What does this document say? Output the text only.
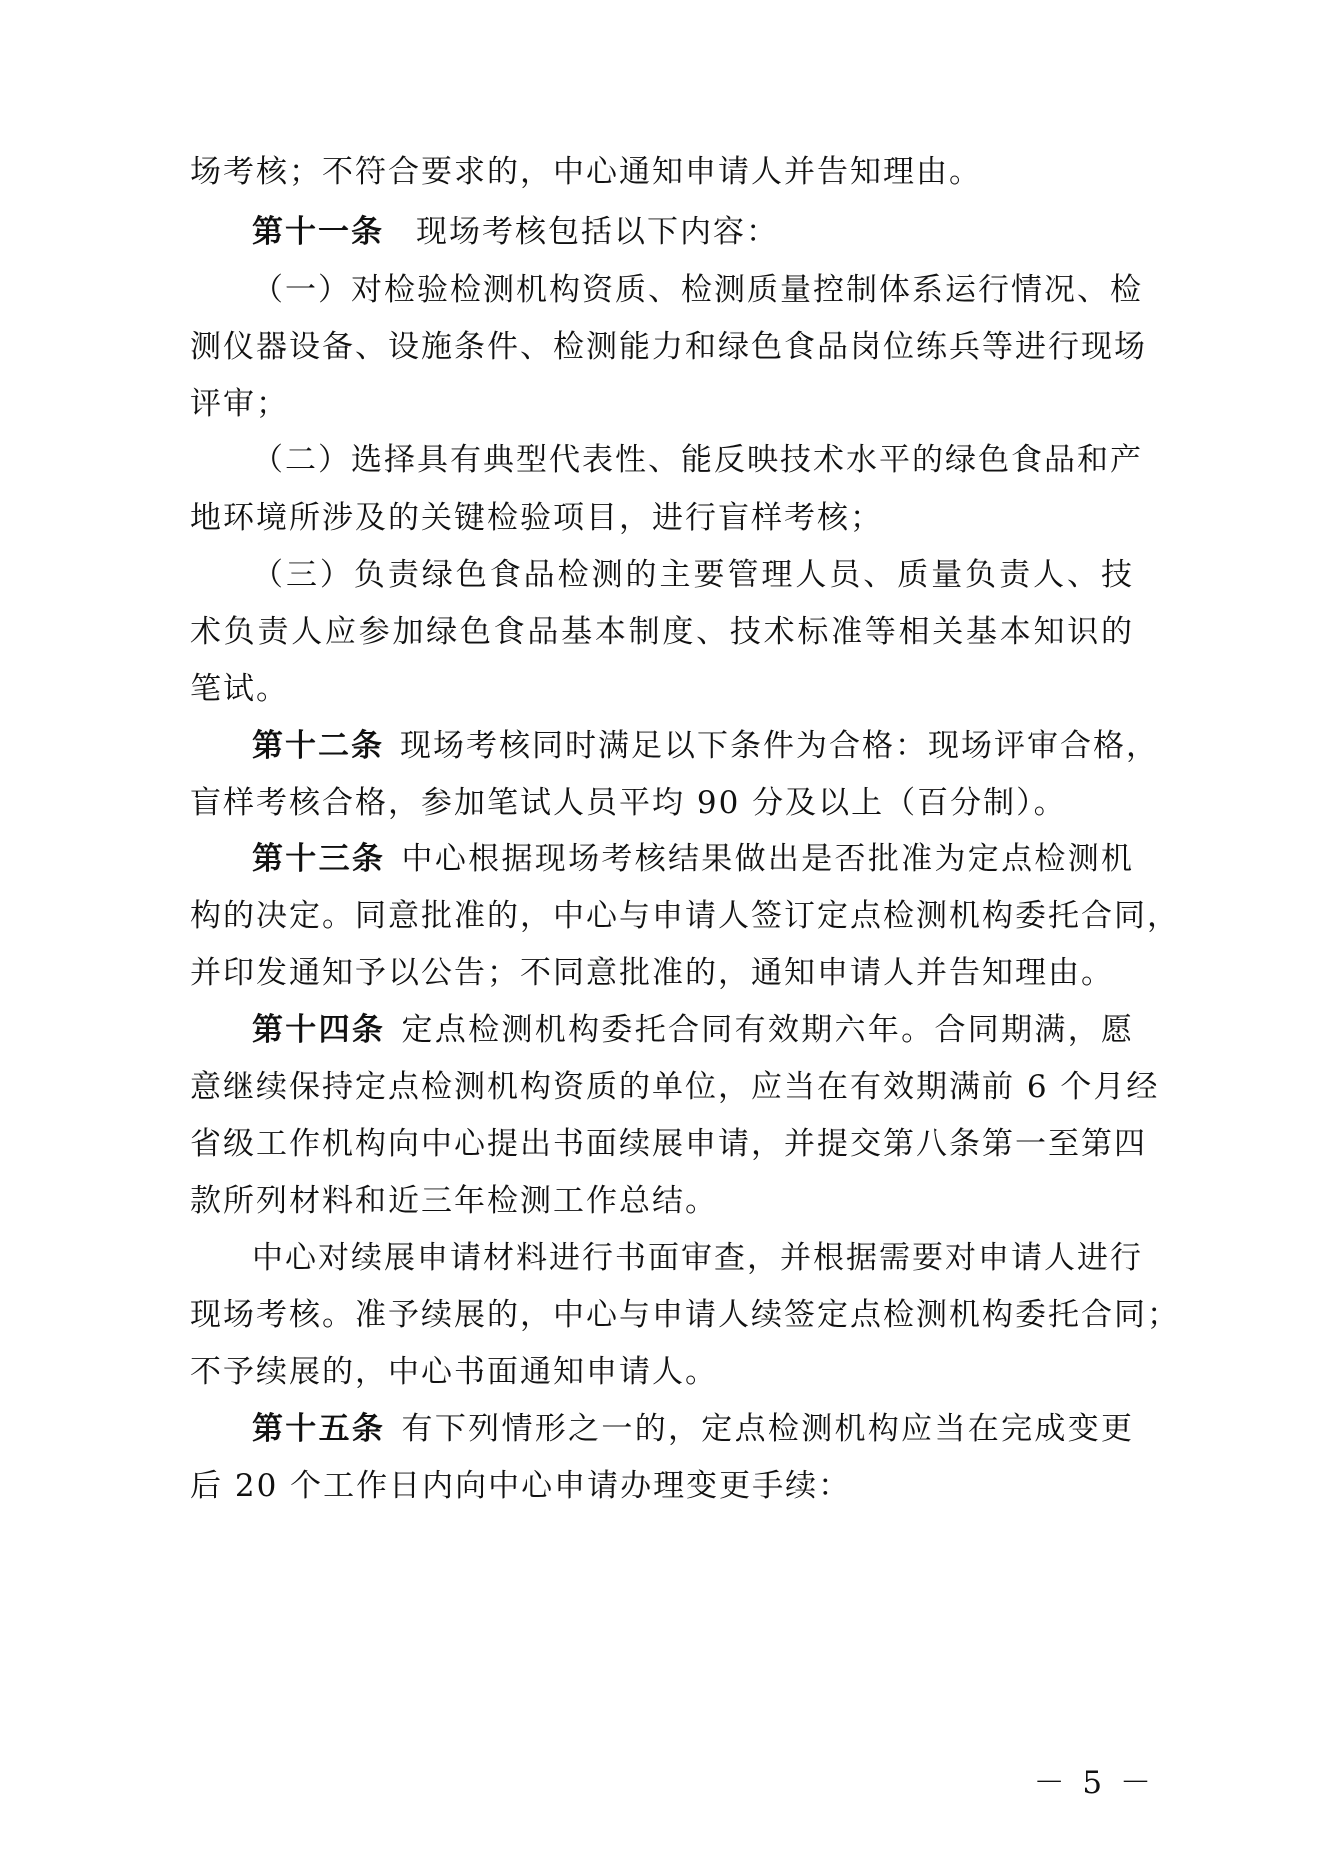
场考核；不符合要求的，中心通知申请人并告知理由。
第十一条 现场考核包括以下内容：
（一）对检验检测机构资质、检测质量控制体系运行情况、检
测仪器设备、设施条件、检测能力和绿色食品岗位练兵等进行现场
评审；
（二）选择具有典型代表性、能反映技术水平的绿色食品和产
地环境所涉及的关键检验项目，进行盲样考核；
（三）负责绿色食品检测的主要管理人员、质量负责人、技
术负责人应参加绿色食品基本制度、技术标准等相关基本知识的
笔试。
第十二条 现场考核同时满足以下条件为合格：现场评审合格，
盲样考核合格，参加笔试人员平均 90 分及以上（百分制）。
第十三条 中心根据现场考核结果做出是否批准为定点检测机
构的决定。同意批准的，中心与申请人签订定点检测机构委托合同，
并印发通知予以公告；不同意批准的，通知申请人并告知理由。
第十四条 定点检测机构委托合同有效期六年。合同期满，愿
意继续保持定点检测机构资质的单位，应当在有效期满前 6 个月经
省级工作机构向中心提出书面续展申请，并提交第八条第一至第四
款所列材料和近三年检测工作总结。
中心对续展申请材料进行书面审查，并根据需要对申请人进行
现场考核。准予续展的，中心与申请人续签定点检测机构委托合同；
不予续展的，中心书面通知申请人。
第十五条 有下列情形之一的，定点检测机构应当在完成变更
后 20 个工作日内向中心申请办理变更手续：
－ 5 －
